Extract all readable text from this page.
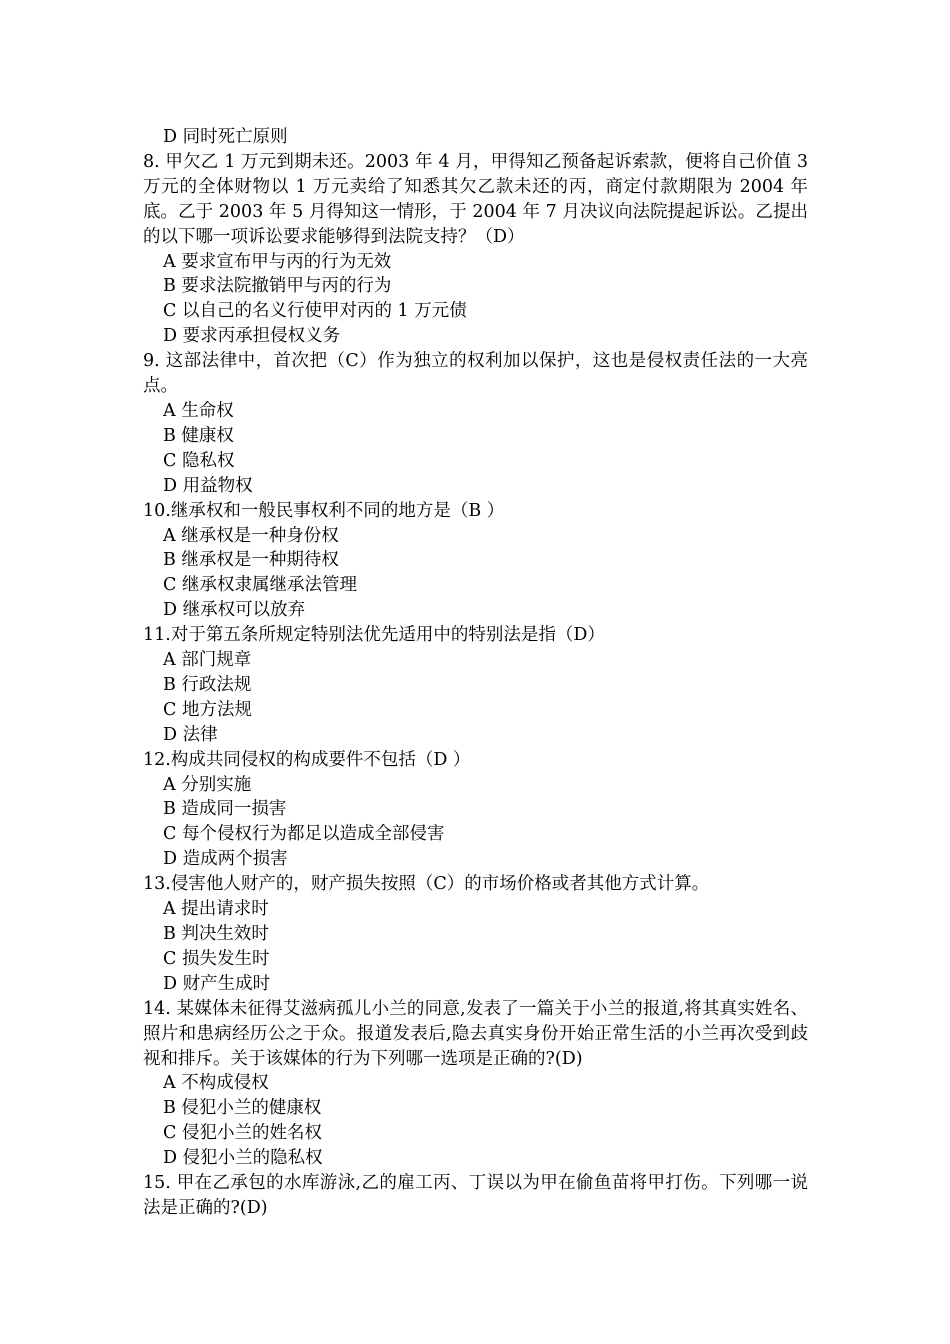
D 同时死亡原则

8. 甲欠乙 1 万元到期未还。2003 年 4 月，甲得知乙预备起诉索款，便将自己价值 3 万元的全体财物以 1 万元卖给了知悉其欠乙款未还的丙，商定付款期限为 2004 年底。乙于 2003 年 5 月得知这一情形，于 2004 年 7 月决议向法院提起诉讼。乙提出的以下哪一项诉讼要求能够得到法院支持？（D）

A 要求宣布甲与丙的行为无效

B 要求法院撤销甲与丙的行为

C 以自己的名义行使甲对丙的 1 万元债

D 要求丙承担侵权义务

9. 这部法律中，首次把（C）作为独立的权利加以保护，这也是侵权责任法的一大亮点。

A 生命权

B 健康权

C 隐私权

D 用益物权

10.继承权和一般民事权利不同的地方是（B ）

A 继承权是一种身份权

B 继承权是一种期待权

C 继承权隶属继承法管理

D 继承权可以放弃

11.对于第五条所规定特别法优先适用中的特别法是指（D）

A 部门规章

B 行政法规

C 地方法规

D 法律

12.构成共同侵权的构成要件不包括（D ）

A 分别实施

B 造成同一损害

C 每个侵权行为都足以造成全部侵害

D 造成两个损害

13.侵害他人财产的，财产损失按照（C）的市场价格或者其他方式计算。

A 提出请求时

B 判决生效时

C 损失发生时

D 财产生成时

14. 某媒体未征得艾滋病孤儿小兰的同意,发表了一篇关于小兰的报道,将其真实姓名、照片和患病经历公之于众。报道发表后,隐去真实身份开始正常生活的小兰再次受到歧视和排斥。关于该媒体的行为下列哪一选项是正确的?(D)

A 不构成侵权

B 侵犯小兰的健康权

C 侵犯小兰的姓名权

D 侵犯小兰的隐私权

15. 甲在乙承包的水库游泳,乙的雇工丙、丁误以为甲在偷鱼苗将甲打伤。下列哪一说法是正确的?(D)
